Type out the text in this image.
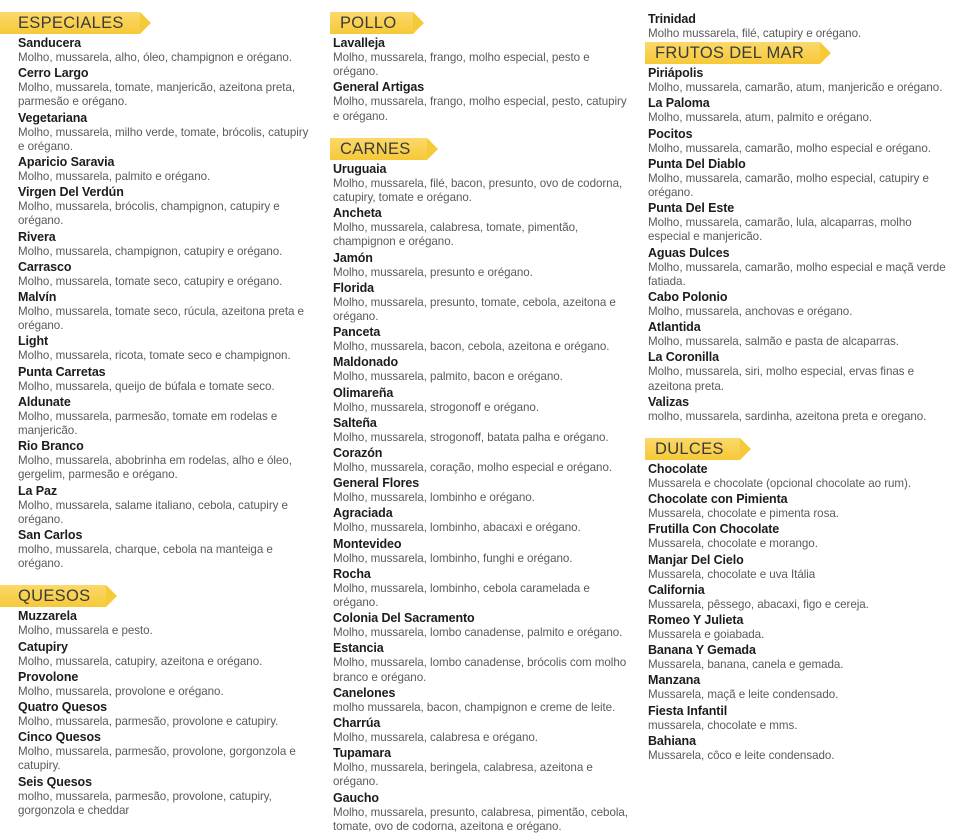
ESPECIALES
Sanducera
Molho, mussarela, alho, óleo, champignon e orégano.
Cerro Largo
Molho, mussarela, tomate, manjericão, azeitona preta, parmesão e orégano.
Vegetariana
Molho, mussarela, milho verde, tomate, brócolis, catupiry e orégano.
Aparicio Saravia
Molho, mussarela, palmito e orégano.
Virgen Del Verdún
Molho, mussarela, brócolis, champignon, catupiry e orégano.
Rivera
Molho, mussarela, champignon, catupiry e orégano.
Carrasco
Molho, mussarela, tomate seco, catupiry e orégano.
Malvín
Molho, mussarela, tomate seco, rúcula, azeitona preta e orégano.
Light
Molho, mussarela, ricota, tomate seco e champignon.
Punta Carretas
Molho, mussarela, queijo de búfala e tomate seco.
Aldunate
Molho, mussarela, parmesão, tomate em rodelas e manjericão.
Rio Branco
Molho, mussarela, abobrinha em rodelas, alho e óleo, gergelim, parmesão e orégano.
La Paz
Molho, mussarela, salame italiano, cebola, catupiry e orégano.
San Carlos
molho, mussarela, charque, cebola na manteiga e orégano.
QUESOS
Muzzarela
Molho, mussarela e pesto.
Catupiry
Molho, mussarela, catupiry, azeitona e orégano.
Provolone
Molho, mussarela, provolone e orégano.
Quatro Quesos
Molho, mussarela, parmesão, provolone e catupiry.
Cinco Quesos
Molho, mussarela, parmesão, provolone, gorgonzola e catupiry.
Seis Quesos
molho, mussarela, parmesão, provolone, catupiry, gorgonzola e cheddar
POLLO
Lavalleja
Molho, mussarela, frango, molho especial, pesto e orégano.
General Artigas
Molho, mussarela, frango, molho especial, pesto, catupiry e orégano.
CARNES
Uruguaia
Molho, mussarela, filé, bacon, presunto, ovo de codorna, catupiry, tomate e orégano.
Ancheta
Molho, mussarela, calabresa, tomate, pimentão, champignon e orégano.
Jamón
Molho, mussarela, presunto e orégano.
Florida
Molho, mussarela, presunto, tomate, cebola, azeitona e orégano.
Panceta
Molho, mussarela, bacon, cebola, azeitona e orégano.
Maldonado
Molho, mussarela, palmito, bacon e orégano.
Olimareña
Molho, mussarela, strogonoff e orégano.
Salteña
Molho, mussarela, strogonoff, batata palha e orégano.
Corazón
Molho, mussarela, coração, molho especial e orégano.
General Flores
Molho, mussarela, lombinho e orégano.
Agraciada
Molho, mussarela, lombinho, abacaxi e orégano.
Montevideo
Molho, mussarela, lombinho, funghi e orégano.
Rocha
Molho, mussarela, lombinho, cebola caramelada e orégano.
Colonia Del Sacramento
Molho, mussarela, lombo canadense, palmito e orégano.
Estancia
Molho, mussarela, lombo canadense, brócolis com molho branco e orégano.
Canelones
molho mussarela, bacon, champignon e creme de leite.
Charrúa
Molho, mussarela, calabresa e orégano.
Tupamara
Molho, mussarela, beringela, calabresa, azeitona e orégano.
Gaucho
Molho, mussarela, presunto, calabresa, pimentão, cebola, tomate, ovo de codorna, azeitona e orégano.
Trinidad
Molho mussarela, filé, catupiry e orégano.
FRUTOS DEL MAR
Piriápolis
Molho, mussarela, camarão, atum, manjericão e orégano.
La Paloma
Molho, mussarela, atum, palmito e orégano.
Pocitos
Molho, mussarela, camarão, molho especial e orégano.
Punta Del Diablo
Molho, mussarela, camarão, molho especial, catupiry e orégano.
Punta Del Este
Molho, mussarela, camarão, lula, alcaparras, molho especial e manjericão.
Aguas Dulces
Molho, mussarela, camarão, molho especial e maçã verde fatiada.
Cabo Polonio
Molho, mussarela, anchovas e orégano.
Atlantida
Molho, mussarela, salmão e pasta de alcaparras.
La Coronilla
Molho, mussarela, siri, molho especial, ervas finas e azeitona preta.
Valizas
molho, mussarela, sardinha, azeitona preta e oregano.
DULCES
Chocolate
Mussarela e chocolate (opcional chocolate ao rum).
Chocolate con Pimienta
Mussarela, chocolate e pimenta rosa.
Frutilla Con Chocolate
Mussarela, chocolate e morango.
Manjar Del Cielo
Mussarela, chocolate e uva Itália
California
Mussarela, pêssego, abacaxi, figo e cereja.
Romeo Y Julieta
Mussarela e goiabada.
Banana Y Gemada
Mussarela, banana, canela e gemada.
Manzana
Mussarela, maçã e leite condensado.
Fiesta Infantil
mussarela, chocolate e mms.
Bahiana
Mussarela, côco e leite condensado.
